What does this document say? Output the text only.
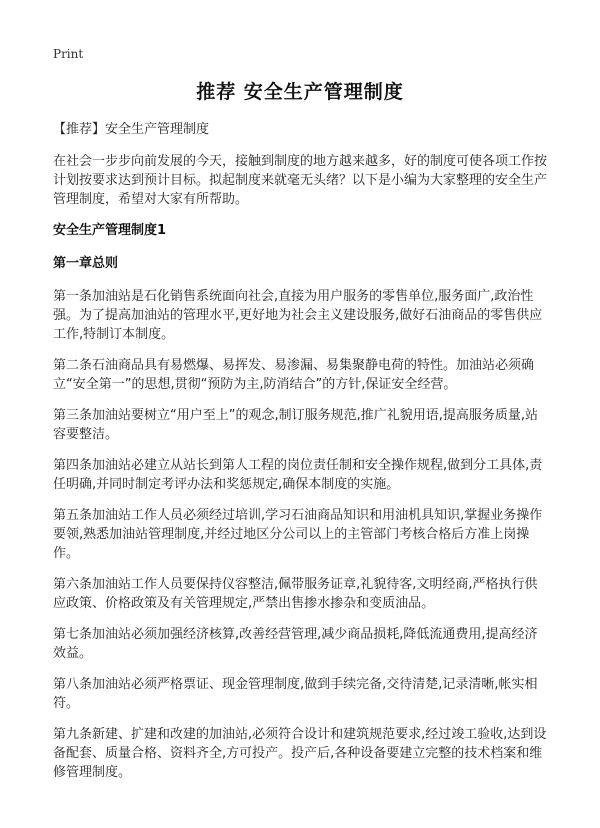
Print
推荐 安全生产管理制度

【推荐】安全生产管理制度

在社会一步步向前发展的今天，接触到制度的地方越来越多，好的制度可使各项工作按计划按要求达到预计目标。拟起制度来就毫无头绪？以下是小编为大家整理的安全生产管理制度，希望对大家有所帮助。

安全生产管理制度1

第一章总则

第一条加油站是石化销售系统面向社会,直接为用户服务的零售单位,服务面广,政治性强。为了提高加油站的管理水平,更好地为社会主义建设服务,做好石油商品的零售供应工作,特制订本制度。

第二条石油商品具有易燃爆、易挥发、易渗漏、易集聚静电荷的特性。加油站必须确立“安全第一”的思想,贯彻“预防为主,防消结合”的方针,保证安全经营。

第三条加油站要树立“用户至上”的观念,制订服务规范,推广礼貌用语,提高服务质量,站容要整洁。

第四条加油站必建立从站长到第人工程的岗位责任制和安全操作规程,做到分工具体,责任明确,并同时制定考评办法和奖惩规定,确保本制度的实施。

第五条加油站工作人员必须经过培训,学习石油商品知识和用油机具知识,掌握业务操作要领,熟悉加油站管理制度,并经过地区分公司以上的主管部门考核合格后方准上岗操作。

第六条加油站工作人员要保持仪容整洁,佩带服务证章,礼貌待客,文明经商,严格执行供应政策、价格政策及有关管理规定,严禁出售掺水掺杂和变质油品。

第七条加油站必须加强经济核算,改善经营管理,减少商品损耗,降低流通费用,提高经济效益。

第八条加油站必须严格票证、现金管理制度,做到手续完备,交待清楚,记录清晰,帐实相符。

第九条新建、扩建和改建的加油站,必须符合设计和建筑规范要求,经过竣工验收,达到设备配套、质量合格、资料齐全,方可投产。投产后,各种设备要建立完整的技术档案和维修管理制度。
